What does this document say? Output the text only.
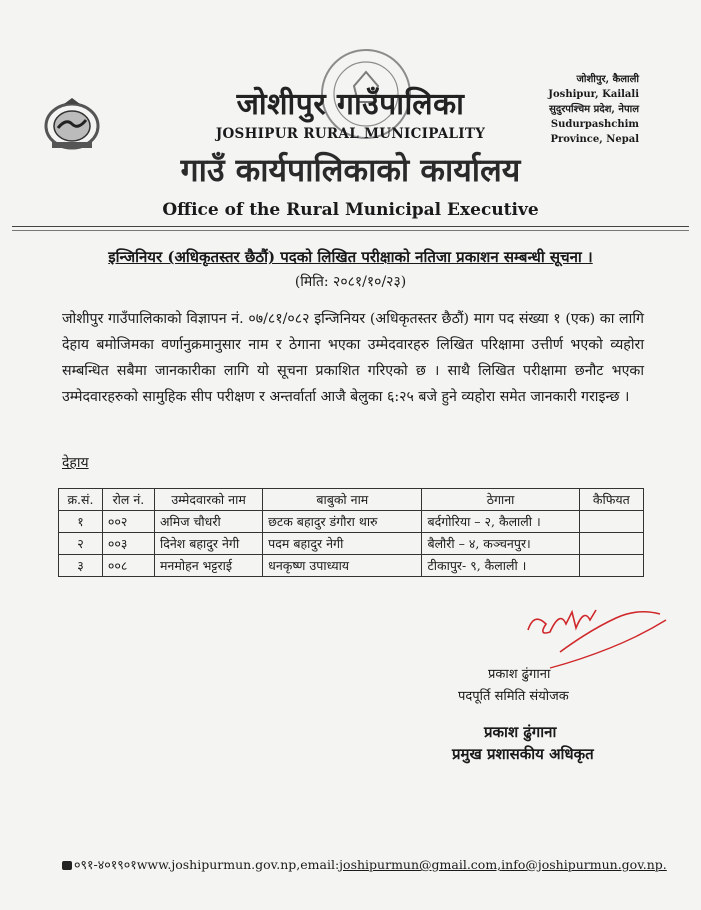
जोशीपुर गाउँपालिका
JOSHIPUR RURAL MUNICIPALITY
गाउँ कार्यपालिकाको कार्यालय
Office of the Rural Municipal Executive
जोशीपुर, कैलाली
Joshipur, Kailali
सुदुरपश्चिम प्रदेश, नेपाल
Sudurpashchim
Province, Nepal
इन्जिनियर (अधिकृतस्तर छैठौं) पदको लिखित परीक्षाको नतिजा प्रकाशन सम्बन्धी सूचना ।
(मिति: २०८१/१०/२३)
जोशीपुर गाउँपालिकाको विज्ञापन नं. ०७/८१/०८२ इन्जिनियर (अधिकृतस्तर छैठौं) माग पद संख्या १ (एक) का लागि देहाय बमोजिमका वर्णानुक्रमानुसार नाम र ठेगाना भएका उम्मेदवारहरु लिखित परिक्षामा उत्तीर्ण भएको व्यहोरा सम्बन्धित सबैमा जानकारीका लागि यो सूचना प्रकाशित गरिएको छ । साथै लिखित परीक्षामा छनौट भएका उम्मेदवारहरुको सामुहिक सीप परीक्षण र अन्तर्वार्ता आजै बेलुका ६:२५ बजे हुने व्यहोरा समेत जानकारी गराइन्छ ।
देहाय
क्र.सं.	रोल नं.	उम्मेदवारको नाम	बाबुको नाम	ठेगाना	कैफियत
१	००२	अमिज चौधरी	छटक बहादुर डंगौरा थारु	बर्दगोरिया – २, कैलाली ।	
२	००३	दिनेश बहादुर नेगी	पदम बहादुर नेगी	बैलौरी – ४, कञ्चनपुर।	
३	००८	मनमोहन भट्टराई	धनकृष्ण उपाध्याय	टीकापुर- ९, कैलाली ।	
प्रकाश ढुंगाना
पदपूर्ति समिति संयोजक
प्रकाश ढुंगाना
प्रमुख प्रशासकीय अधिकृत
०९१-४०१९०१www.joshipurmun.gov.np,email:joshipurmun@gmail.com,info@joshipurmun.gov.np.
